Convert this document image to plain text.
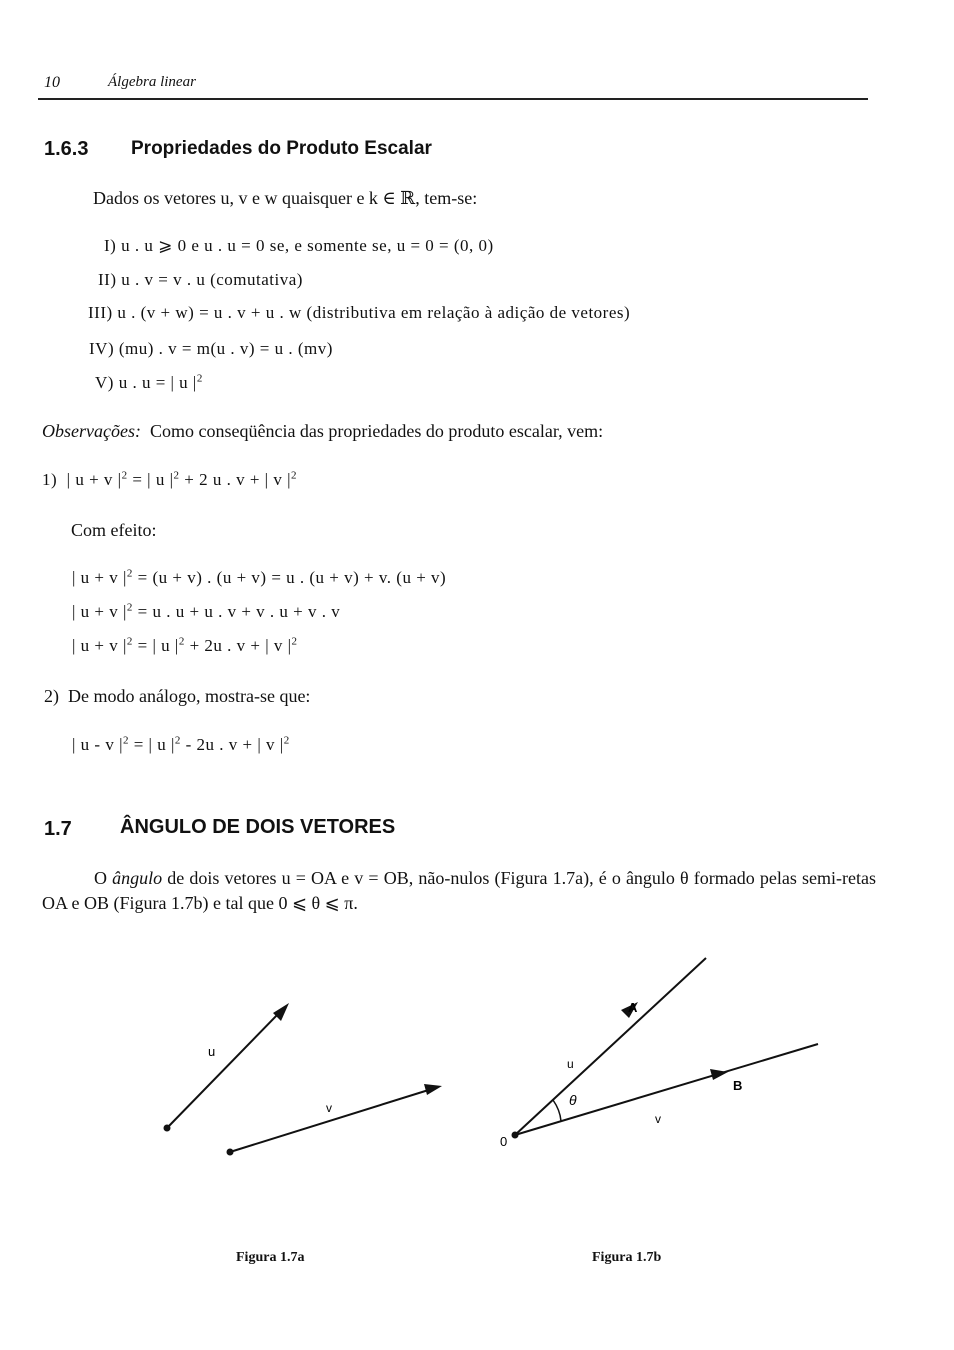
10	Álgebra linear
1.6.3 Propriedades do Produto Escalar
Dados os vetores u, v e w quaisquer e k ∈ ℝ, tem-se:
I) u . u ⩾ 0 e u . u = 0 se, e somente se, u = 0 = (0, 0)
II) u . v = v . u (comutativa)
III) u . (v + w) = u . v + u . w (distributiva em relação à adição de vetores)
IV) (mu) . v = m(u . v) = u . (mv)
V) u . u = | u $|^2$
Observações: Como conseqüência das propriedades do produto escalar, vem:
1) | u + v $|^2$ = | u $|^2 + 2$ u . v + | v $|^2$
Com efeito:
| u + v $|^2 = (u + v)$ . (u + v) = u . (u + v) + v. (u + v)
| u + v $|^2 = u$ . u + u . v + v . u + v . v
| u + v $|^2$ = | u $|^2 + 2u$ . v + | v $|^2$
2) De modo análogo, mostra-se que:
| u - v $|^2$ = | u $|^2 - 2u$ . v + | v $|^2$
1.7 ÂNGULO DE DOIS VETORES
O ângulo de dois vetores u = OA e v = OB, não-nulos (Figura 1.7a), é o ângulo θ formado pelas semi-retas OA e OB (Figura 1.7b) e tal que 0 ⩽ θ ⩽ π.
u
v
Figura 1.7a
A
B
0
u
v
θ
Figura 1.7b
